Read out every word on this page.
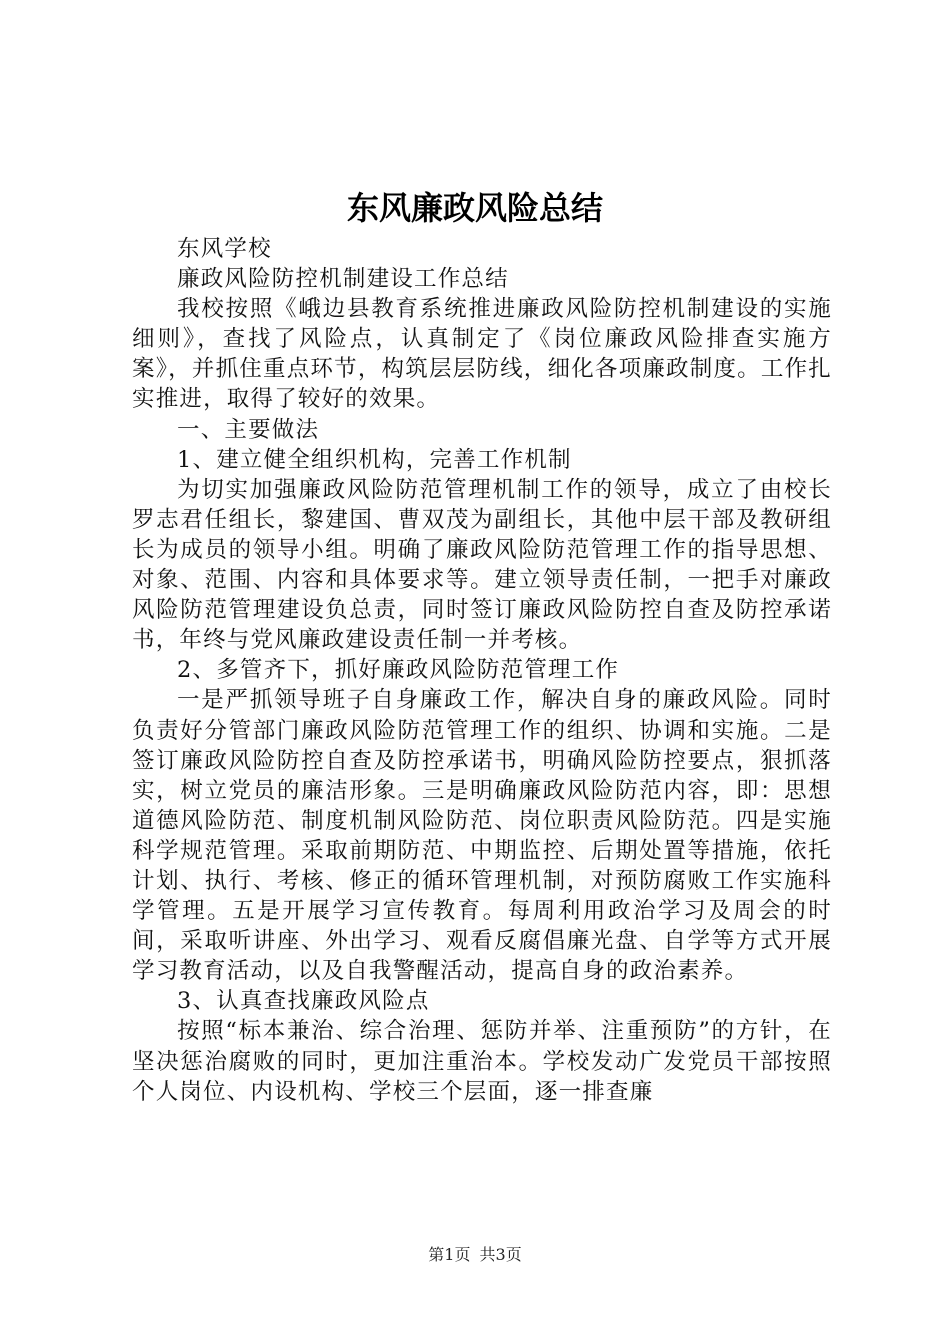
东风廉政风险总结

东风学校

廉政风险防控机制建设工作总结

我校按照《峨边县教育系统推进廉政风险防控机制建设的实施细则》，查找了风险点，认真制定了《岗位廉政风险排查实施方案》，并抓住重点环节，构筑层层防线，细化各项廉政制度。工作扎实推进，取得了较好的效果。

一、主要做法

1、建立健全组织机构，完善工作机制

为切实加强廉政风险防范管理机制工作的领导，成立了由校长罗志君任组长，黎建国、曹双茂为副组长，其他中层干部及教研组长为成员的领导小组。明确了廉政风险防范管理工作的指导思想、对象、范围、内容和具体要求等。建立领导责任制，一把手对廉政风险防范管理建设负总责，同时签订廉政风险防控自查及防控承诺书，年终与党风廉政建设责任制一并考核。

2、多管齐下，抓好廉政风险防范管理工作

一是严抓领导班子自身廉政工作，解决自身的廉政风险。同时负责好分管部门廉政风险防范管理工作的组织、协调和实施。二是签订廉政风险防控自查及防控承诺书，明确风险防控要点，狠抓落实，树立党员的廉洁形象。三是明确廉政风险防范内容，即：思想道德风险防范、制度机制风险防范、岗位职责风险防范。四是实施科学规范管理。采取前期防范、中期监控、后期处置等措施，依托计划、执行、考核、修正的循环管理机制，对预防腐败工作实施科学管理。五是开展学习宣传教育。每周利用政治学习及周会的时间，采取听讲座、外出学习、观看反腐倡廉光盘、自学等方式开展学习教育活动，以及自我警醒活动，提高自身的政治素养。

3、认真查找廉政风险点

按照“标本兼治、综合治理、惩防并举、注重预防”的方针，在坚决惩治腐败的同时，更加注重治本。学校发动广发党员干部按照个人岗位、内设机构、学校三个层面，逐一排查廉

第1页 共3页
